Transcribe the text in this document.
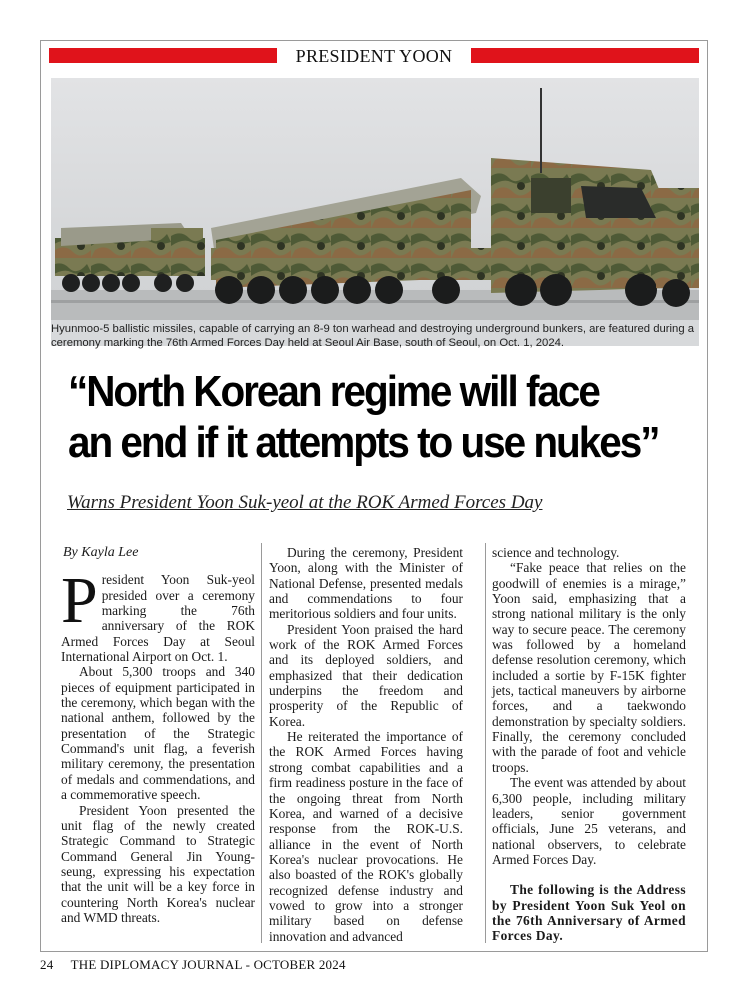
PRESIDENT YOON
Hyunmoo-5 ballistic missiles, capable of carrying an 8-9 ton warhead and destroying underground bunkers, are featured during a ceremony marking the 76th Armed Forces Day held at Seoul Air Base, south of Seoul, on Oct. 1, 2024.
“North Korean regime will face
an end if it attempts to use nukes”
Warns President Yoon Suk-yeol at the ROK Armed Forces Day

By Kayla Lee

President Yoon Suk-yeol presided over a ceremony marking the 76th anniversary of the ROK Armed Forces Day at Seoul International Airport on Oct. 1.

About 5,300 troops and 340 pieces of equipment participated in the ceremony, which began with the national anthem, followed by the presentation of the Strategic Command's unit flag, a feverish military ceremony, the presentation of medals and commendations, and a commemorative speech.

President Yoon presented the unit flag of the newly created Strategic Command to Strategic Command General Jin Young-seung, expressing his expectation that the unit will be a key force in countering North Korea's nuclear and WMD threats.

During the ceremony, President Yoon, along with the Minister of National Defense, presented medals and commendations to four meritorious soldiers and four units.

President Yoon praised the hard work of the ROK Armed Forces and its deployed soldiers, and emphasized that their dedication underpins the freedom and prosperity of the Republic of Korea.

He reiterated the importance of the ROK Armed Forces having strong combat capabilities and a firm readiness posture in the face of the ongoing threat from North Korea, and warned of a decisive response from the ROK-U.S. alliance in the event of North Korea's nuclear provocations. He also boasted of the ROK's globally recognized defense industry and vowed to grow into a stronger military based on defense innovation and advanced

science and technology.

“Fake peace that relies on the goodwill of enemies is a mirage,” Yoon said, emphasizing that a strong national military is the only way to secure peace. The ceremony was followed by a homeland defense resolution ceremony, which included a sortie by F-15K fighter jets, tactical maneuvers by airborne forces, and a taekwondo demonstration by specialty soldiers. Finally, the ceremony concluded with the parade of foot and vehicle troops.

The event was attended by about 6,300 people, including military leaders, senior government officials, June 25 veterans, and national observers, to celebrate Armed Forces Day.

The following is the Address by President Yoon Suk Yeol on the 76th Anniversary of Armed Forces Day.

24 THE DIPLOMACY JOURNAL - OCTOBER 2024
